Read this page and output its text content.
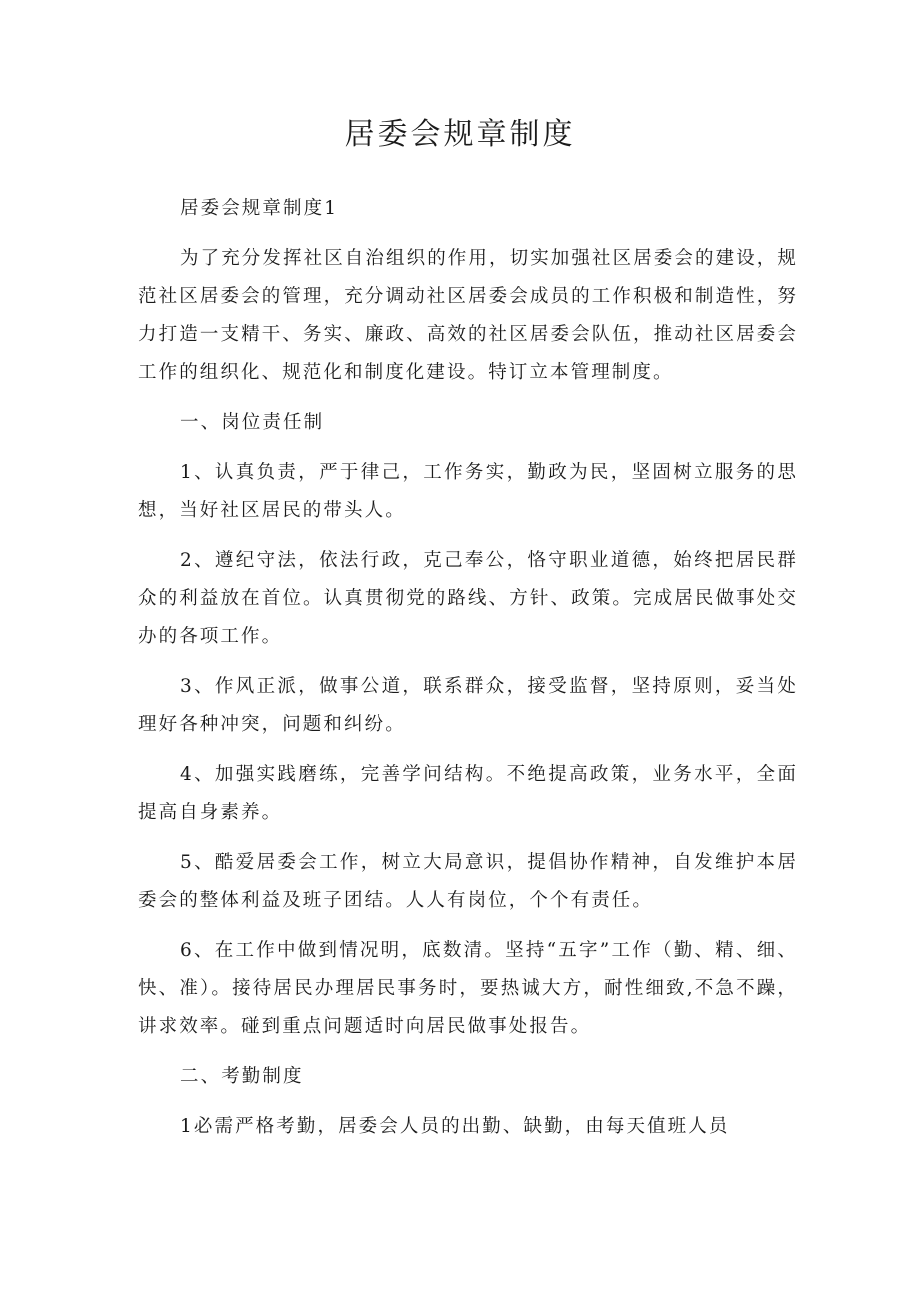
居委会规章制度

居委会规章制度1

为了充分发挥社区自治组织的作用，切实加强社区居委会的建设，规范社区居委会的管理，充分调动社区居委会成员的工作积极和制造性，努力打造一支精干、务实、廉政、高效的社区居委会队伍，推动社区居委会工作的组织化、规范化和制度化建设。特订立本管理制度。

一、岗位责任制

1、认真负责，严于律己，工作务实，勤政为民，坚固树立服务的思想，当好社区居民的带头人。

2、遵纪守法，依法行政，克己奉公，恪守职业道德，始终把居民群众的利益放在首位。认真贯彻党的路线、方针、政策。完成居民做事处交办的各项工作。

3、作风正派，做事公道，联系群众，接受监督，坚持原则，妥当处理好各种冲突，问题和纠纷。

4、加强实践磨练，完善学问结构。不绝提高政策，业务水平，全面提高自身素养。

5、酷爱居委会工作，树立大局意识，提倡协作精神，自发维护本居委会的整体利益及班子团结。人人有岗位，个个有责任。

6、在工作中做到情况明，底数清。坚持“五字”工作（勤、精、细、快、准）。接待居民办理居民事务时，要热诚大方，耐性细致,不急不躁，讲求效率。碰到重点问题适时向居民做事处报告。

二、考勤制度

1必需严格考勤，居委会人员的出勤、缺勤，由每天值班人员
